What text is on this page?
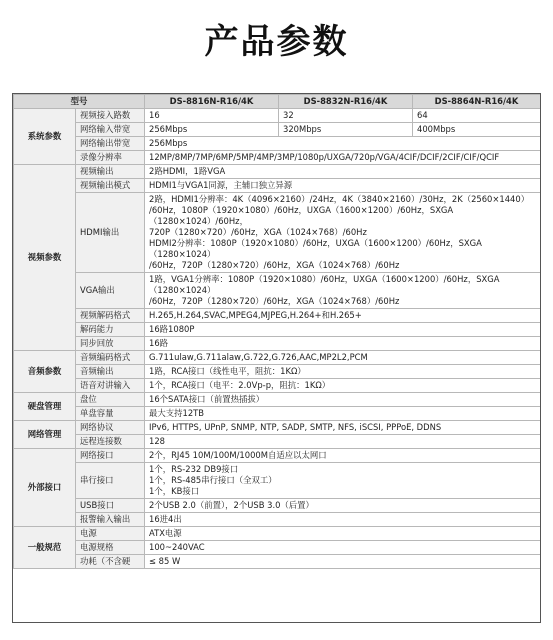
产品参数
型号		DS-8816N-R16/4K	DS-8832N-R16/4K	DS-8864N-R16/4K
系统参数	视频接入路数	16	32	64
	网络输入带宽	256Mbps	320Mbps	400Mbps
	网络输出带宽	256Mbps		
	录像分辨率	12MP/8MP/7MP/6MP/5MP/4MP/3MP/1080p/UXGA/720p/VGA/4CIF/DCIF/2CIF/CIF/QCIF		
视频参数	视频输出	2路HDMI，1路VGA		
	视频输出模式	HDMI1与VGA1同源，主辅口独立异源		
	HDMI输出	2路，HDMI1分辨率：4K（4096×2160）/24Hz，4K（3840×2160）/30Hz，2K（2560×1440）
/60Hz，1080P（1920×1080）/60Hz，UXGA（1600×1200）/60Hz，SXGA（1280×1024）/60Hz，
720P（1280×720）/60Hz，XGA（1024×768）/60Hz
HDMI2分辨率：1080P（1920×1080）/60Hz，UXGA（1600×1200）/60Hz，SXGA（1280×1024）
/60Hz，720P（1280×720）/60Hz，XGA（1024×768）/60Hz		

	VGA输出	1路，VGA1分辨率：1080P（1920×1080）/60Hz，UXGA（1600×1200）/60Hz，SXGA（1280×1024）
/60Hz，720P（1280×720）/60Hz，XGA（1024×768）/60Hz		

	视频解码格式	H.265,H.264,SVAC,MPEG4,MJPEG,H.264+和H.265+		
	解码能力	16路1080P		
	同步回放	16路		
音频参数	音频编码格式	G.711ulaw,G.711alaw,G.722,G.726,AAC,MP2L2,PCM		
	音频输出	1路，RCA接口（线性电平，阻抗：1KΩ）		
	语音对讲输入	1个，RCA接口（电平：2.0Vp-p，阻抗：1KΩ）		
硬盘管理	盘位	16个SATA接口（前置热插拔）		
	单盘容量	最大支持12TB		
网络管理	网络协议	IPv6, HTTPS, UPnP, SNMP, NTP, SADP, SMTP, NFS, iSCSI, PPPoE, DDNS		
	远程连接数	128		
外部接口	网络接口	2个，RJ45 10M/100M/1000M自适应以太网口		
	串行接口	1个，RS-232 DB9接口
1个，RS-485串行接口（全双工）
1个，KB接口		

	USB接口	2个USB 2.0（前置），2个USB 3.0（后置）		
	报警输入输出	16进4出		
一般规范	电源	ATX电源		
	电源规格	100~240VAC		
	功耗（不含硬	≤ 85 W		
